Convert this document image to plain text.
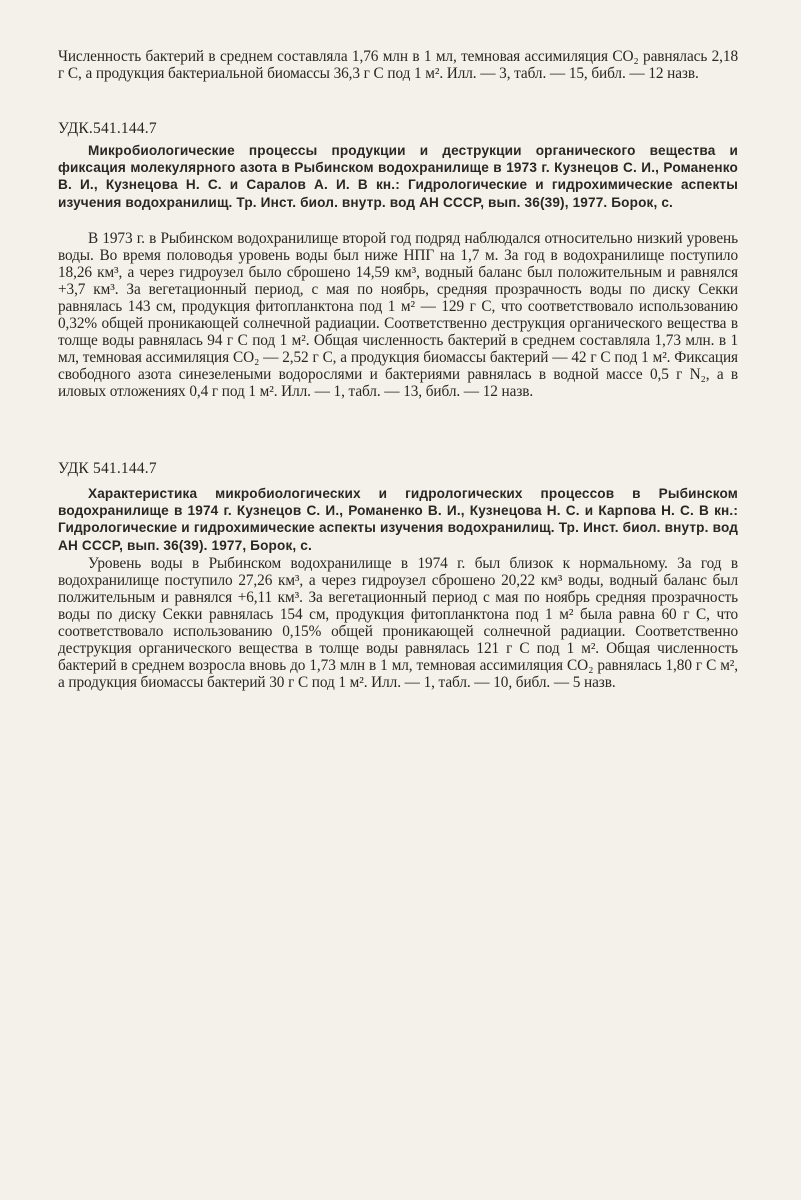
Численность бактерий в среднем составляла 1,76 млн в 1 мл, темновая ассимиляция CO₂ равнялась 2,18 г С, а продукция бактериальной биомассы 36,3 г С под 1 м². Илл. — 3, табл. — 15, библ. — 12 назв.

УДК.541.144.7

Микробиологические процессы продукции и деструкции органического вещества и фиксация молекулярного азота в Рыбинском водохранилище в 1973 г. Кузнецов С. И., Романенко В. И., Кузнецова Н. С. и Саралов А. И. В кн.: Гидрологические и гидрохимические аспекты изучения водохранилищ. Тр. Инст. биол. внутр. вод АН СССР, вып. 36(39), 1977. Борок, с.

В 1973 г. в Рыбинском водохранилище второй год подряд наблюдался относительно низкий уровень воды. Во время половодья уровень воды был ниже НПГ на 1,7 м. За год в водохранилище поступило 18,26 км³, а через гидроузел было сброшено 14,59 км³, водный баланс был положительным и равнялся +3,7 км³. За вегетационный период, с мая по ноябрь, средняя прозрачность воды по диску Секки равнялась 143 см, продукция фитопланктона под 1 м² — 129 г С, что соответствовало использованию 0,32% общей проникающей солнечной радиации. Соответственно деструкция органического вещества в толще воды равнялась 94 г С под 1 м². Общая численность бактерий в среднем составляла 1,73 млн. в 1 мл, темновая ассимиляция CO₂ — 2,52 г С, а продукция биомассы бактерий — 42 г С под 1 м². Фиксация свободного азота синезелеными водорослями и бактериями равнялась в водной массе 0,5 г N₂, а в иловых отложениях 0,4 г под 1 м². Илл. — 1, табл. — 13, библ. — 12 назв.

УДК 541.144.7

Характеристика микробиологических и гидрологических процессов в Рыбинском водохранилище в 1974 г. Кузнецов С. И., Романенко В. И., Кузнецова Н. С. и Карпова Н. С. В кн.: Гидрологические и гидрохимические аспекты изучения водохранилищ. Тр. Инст. биол. внутр. вод АН СССР, вып. 36(39). 1977, Борок, с.

Уровень воды в Рыбинском водохранилище в 1974 г. был близок к нормальному. За год в водохранилище поступило 27,26 км³, а через гидроузел сброшено 20,22 км³ воды, водный баланс был полжительным и равнялся +6,11 км³. За вегетационный период с мая по ноябрь средняя прозрачность воды по диску Секки равнялась 154 см, продукция фитопланктона под 1 м² была равна 60 г С, что соответствовало использованию 0,15% общей проникающей солнечной радиации. Соответственно деструкция органического вещества в толще воды равнялась 121 г С под 1 м². Общая численность бактерий в среднем возросла вновь до 1,73 млн в 1 мл, темновая ассимиляция CO₂ равнялась 1,80 г С м², а продукция биомассы бактерий 30 г С под 1 м². Илл. — 1, табл. — 10, библ. — 5 назв.
